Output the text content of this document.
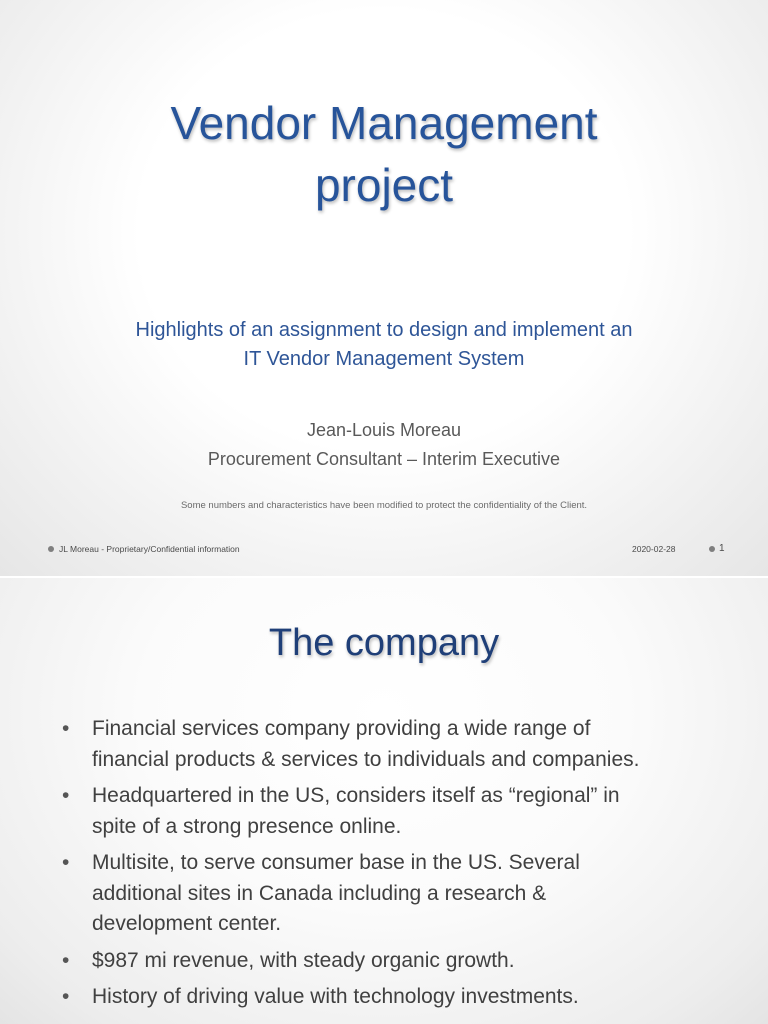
Vendor Management
project
Highlights of an assignment to design and implement an
IT Vendor Management System
Jean-Louis Moreau
Procurement Consultant – Interim Executive
Some numbers and characteristics have been modified to protect the confidentiality of the Client.
JL Moreau - Proprietary/Confidential information	2020-02-28	1
The company
• Financial services company providing a wide range of
financial products & services to individuals and companies.
• Headquartered in the US, considers itself as “regional” in
spite of a strong presence online.
• Multisite, to serve consumer base in the US. Several
additional sites in Canada including a research &
development center.
• $987 mi revenue, with steady organic growth.
• History of driving value with technology investments.
